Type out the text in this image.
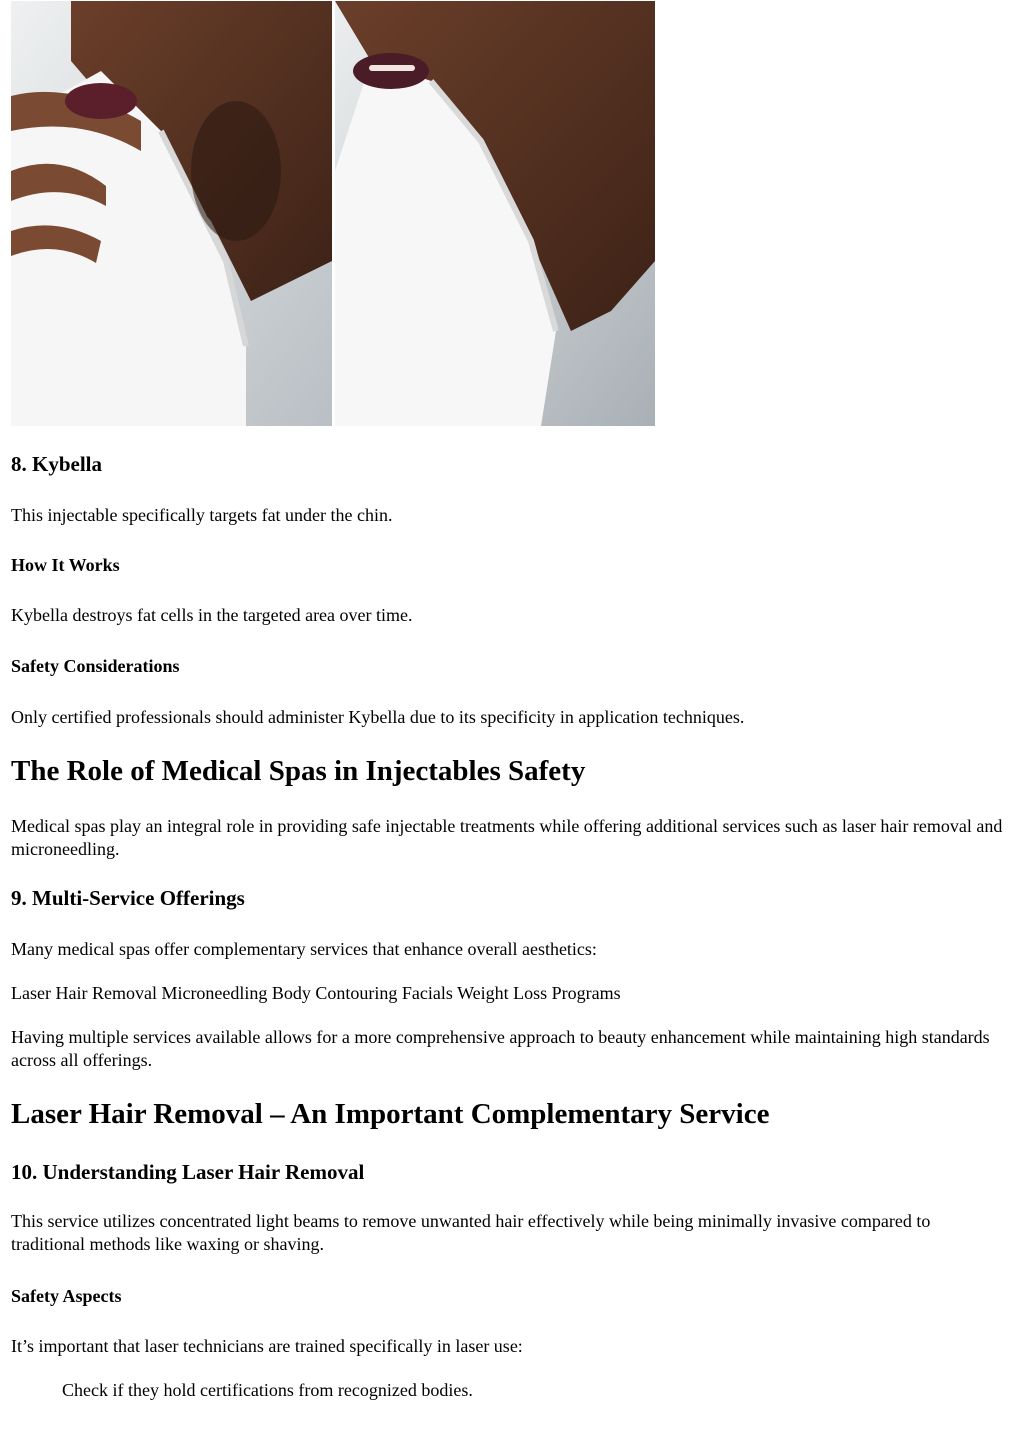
8. Kybella

This injectable specifically targets fat under the chin.

How It Works

Kybella destroys fat cells in the targeted area over time.

Safety Considerations

Only certified professionals should administer Kybella due to its specificity in application techniques.

The Role of Medical Spas in Injectables Safety

Medical spas play an integral role in providing safe injectable treatments while offering additional services such as laser hair removal and microneedling.

9. Multi-Service Offerings

Many medical spas offer complementary services that enhance overall aesthetics:

Laser Hair Removal Microneedling Body Contouring Facials Weight Loss Programs

Having multiple services available allows for a more comprehensive approach to beauty enhancement while maintaining high standards across all offerings.

Laser Hair Removal – An Important Complementary Service
10. Understanding Laser Hair Removal

This service utilizes concentrated light beams to remove unwanted hair effectively while being minimally invasive compared to traditional methods like waxing or shaving.

Safety Aspects

It’s important that laser technicians are trained specifically in laser use:

Check if they hold certifications from recognized bodies.
